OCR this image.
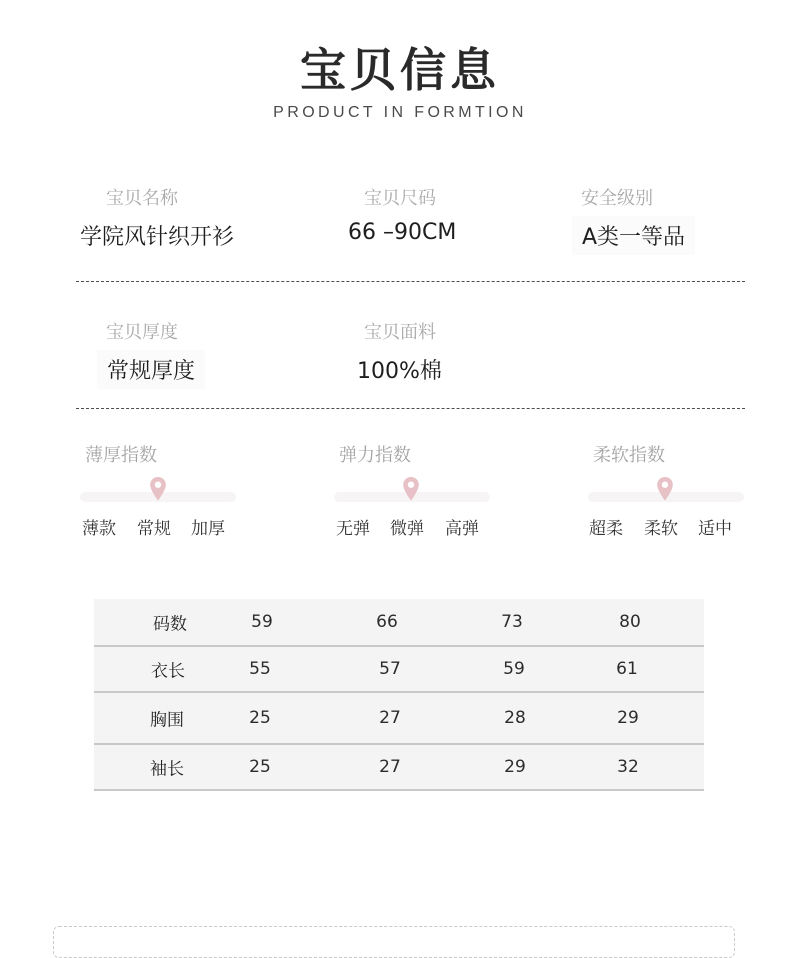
宝贝信息
PRODUCT IN FORMTION
宝贝名称
学院风针织开衫
宝贝尺码
66 –90CM
安全级别
A类一等品
宝贝厚度
常规厚度
宝贝面料
100%棉
薄厚指数
薄款 常规 加厚
弹力指数
无弹 微弹 高弹
柔软指数
超柔 柔软 适中
码数	59	66	73	80
衣长	55	57	59	61
胸围	25	27	28	29
袖长	25	27	29	32
